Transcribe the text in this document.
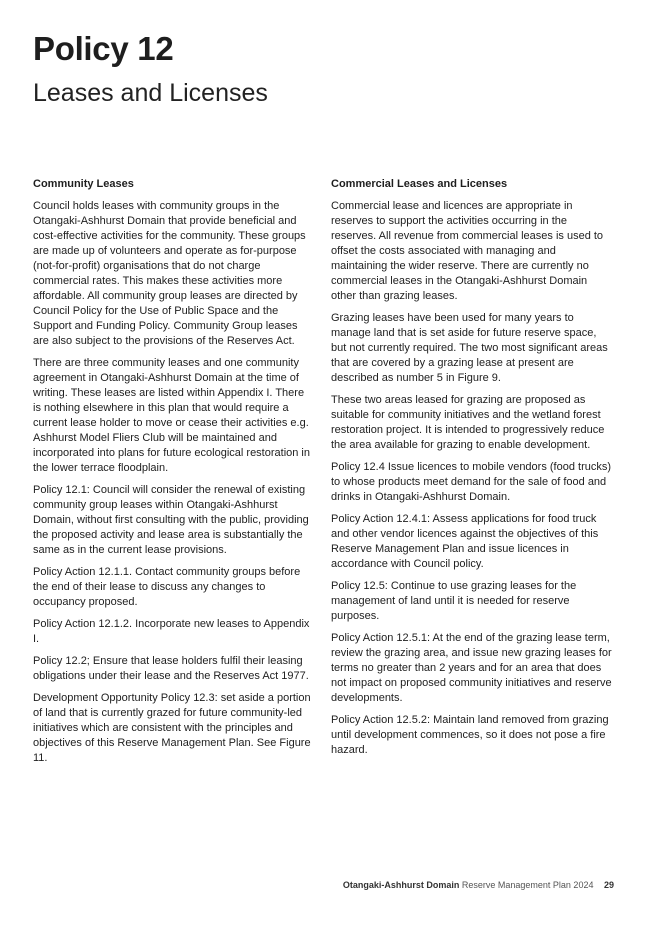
Policy 12
Leases and Licenses
Community Leases

Council holds leases with community groups in the Otangaki-Ashhurst Domain that provide beneficial and cost-effective activities for the community. These groups are made up of volunteers and operate as for-purpose (not-for-profit) organisations that do not charge commercial rates. This makes these activities more affordable. All community group leases are directed by Council Policy for the Use of Public Space and the Support and Funding Policy. Community Group leases are also subject to the provisions of the Reserves Act.

There are three community leases and one community agreement in Otangaki-Ashhurst Domain at the time of writing. These leases are listed within Appendix I. There is nothing elsewhere in this plan that would require a current lease holder to move or cease their activities e.g. Ashhurst Model Fliers Club will be maintained and incorporated into plans for future ecological restoration in the lower terrace floodplain.

Policy 12.1: Council will consider the renewal of existing community group leases within Otangaki-Ashhurst Domain, without first consulting with the public, providing the proposed activity and lease area is substantially the same as in the current lease provisions.

Policy Action 12.1.1. Contact community groups before the end of their lease to discuss any changes to occupancy proposed.

Policy Action 12.1.2. Incorporate new leases to Appendix I.

Policy 12.2; Ensure that lease holders fulfil their leasing obligations under their lease and the Reserves Act 1977.

Development Opportunity Policy 12.3: set aside a portion of land that is currently grazed for future community-led initiatives which are consistent with the principles and objectives of this Reserve Management Plan. See Figure 11.

Commercial Leases and Licenses

Commercial lease and licences are appropriate in reserves to support the activities occurring in the reserves. All revenue from commercial leases is used to offset the costs associated with managing and maintaining the wider reserve. There are currently no commercial leases in the Otangaki-Ashhurst Domain other than grazing leases.

Grazing leases have been used for many years to manage land that is set aside for future reserve space, but not currently required. The two most significant areas that are covered by a grazing lease at present are described as number 5 in Figure 9.

These two areas leased for grazing are proposed as suitable for community initiatives and the wetland forest restoration project. It is intended to progressively reduce the area available for grazing to enable development.

Policy 12.4 Issue licences to mobile vendors (food trucks) to whose products meet demand for the sale of food and drinks in Otangaki-Ashhurst Domain.

Policy Action 12.4.1: Assess applications for food truck and other vendor licences against the objectives of this Reserve Management Plan and issue licences in accordance with Council policy.

Policy 12.5: Continue to use grazing leases for the management of land until it is needed for reserve purposes.

Policy Action 12.5.1: At the end of the grazing lease term, review the grazing area, and issue new grazing leases for terms no greater than 2 years and for an area that does not impact on proposed community initiatives and reserve developments.

Policy Action 12.5.2: Maintain land removed from grazing until development commences, so it does not pose a fire hazard.

Otangaki-Ashhurst Domain Reserve Management Plan 2024 29
